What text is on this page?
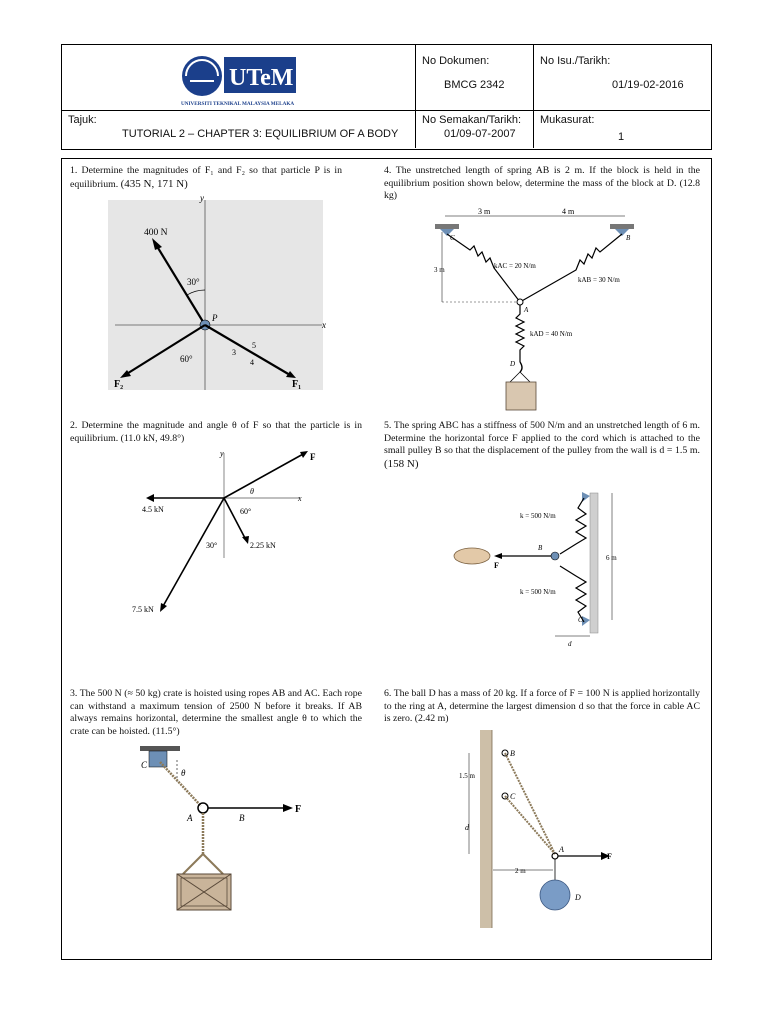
UTeM
UNIVERSITI TEKNIKAL MALAYSIA MELAKA
No Dokumen:
BMCG 2342
No Isu./Tarikh:
01/19-02-2016
Tajuk:
TUTORIAL 2 – CHAPTER 3: EQUILIBRIUM OF A BODY
No Semakan/Tarikh:
01/09-07-2007
Mukasurat:
1
1. Determine the magnitudes of F₁ and F₂ so that particle P is in equilibrium. (435 N, 171 N)
y
x
400 N
30°
P
60°
5
3
4
F₂	F₁
2. Determine the magnitude and angle θ of F so that the particle is in equilibrium. (11.0 kN, 49.8°)
y
x
F
θ
4.5 kN	60°
2.25 kN
30°
7.5 kN
3. The 500 N (≈ 50 kg) crate is hoisted using ropes AB and AC. Each rope can withstand a maximum tension of 2500 N before it breaks. If AB always remains horizontal, determine the smallest angle θ to which the crate can be hoisted. (11.5°)
C
θ
A	B
F
4. The unstretched length of spring AB is 2 m. If the block is held in the equilibrium position shown below, determine the mass of the block at D. (12.8 kg)
3 m	4 m
C	B
kAC = 20 N/m
kAB = 30 N/m
3 m
A
kAD = 40 N/m
D
5. The spring ABC has a stiffness of 500 N/m and an unstretched length of 6 m. Determine the horizontal force F applied to the cord which is attached to the small pulley B so that the displacement of the pulley from the wall is d = 1.5 m. (158 N)
k = 500 N/m
k = 500 N/m
B
F
6 m
C
d
6. The ball D has a mass of 20 kg. If a force of F = 100 N is applied horizontally to the ring at A, determine the largest dimension d so that the force in cable AC is zero. (2.42 m)
B
C
1.5 m
d
A
F
2 m
D
